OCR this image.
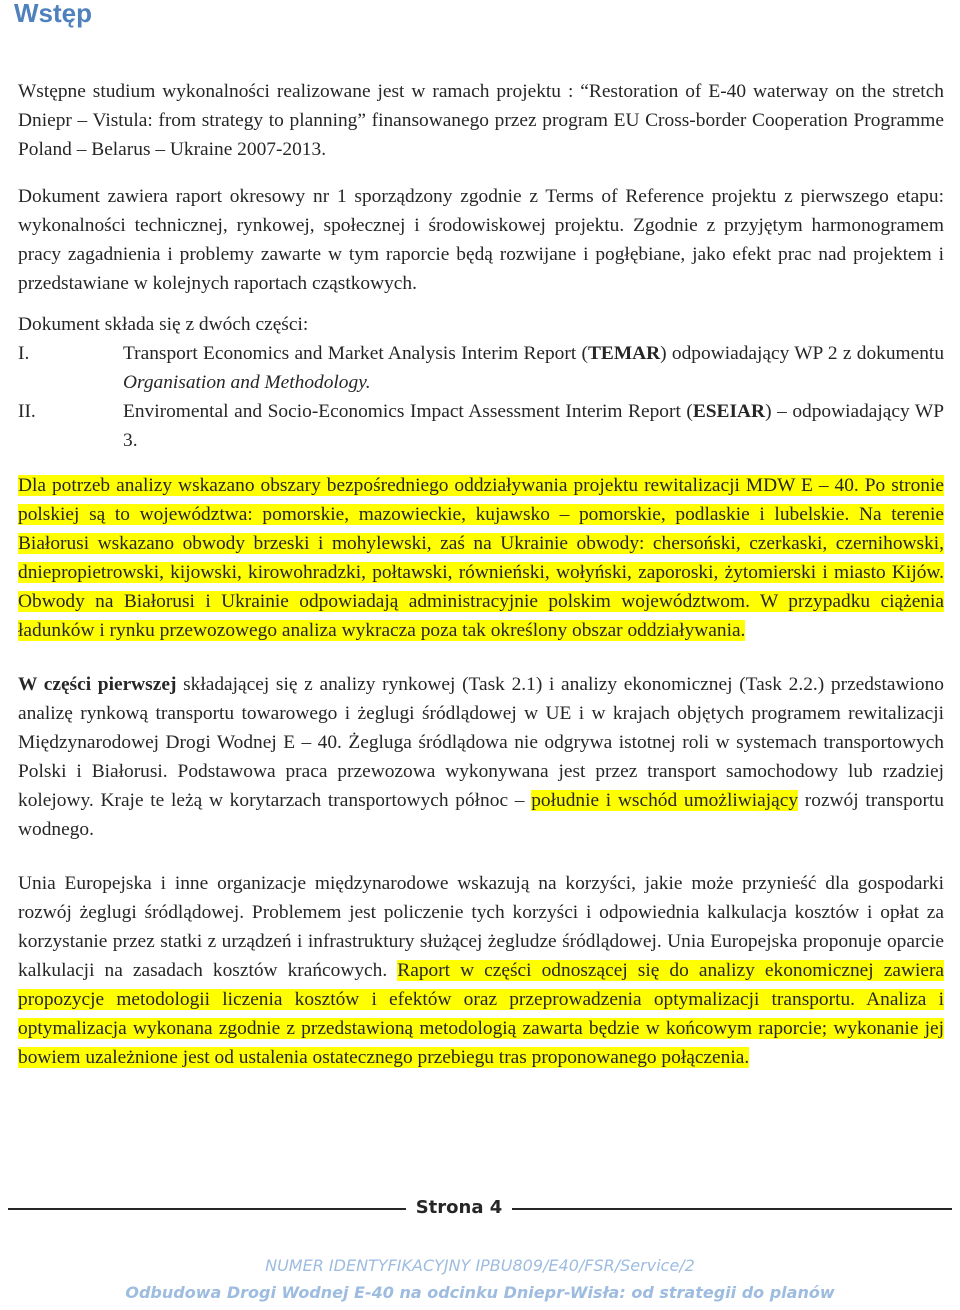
Wstęp

Wstępne studium wykonalności realizowane jest w ramach projektu : “Restoration of E-40 waterway on the stretch Dniepr – Vistula: from strategy to planning” finansowanego przez program EU Cross-border Cooperation Programme Poland – Belarus – Ukraine 2007-2013.

Dokument zawiera raport okresowy nr 1 sporządzony zgodnie z Terms of Reference projektu z pierwszego etapu: wykonalności technicznej, rynkowej, społecznej i środowiskowej projektu. Zgodnie z przyjętym harmonogramem pracy zagadnienia i problemy zawarte w tym raporcie będą rozwijane i pogłębiane, jako efekt prac nad projektem i przedstawiane w kolejnych raportach cząstkowych.

Dokument składa się z dwóch części:

I.	Transport Economics and Market Analysis Interim Report (TEMAR) odpowiadający WP 2 z dokumentu Organisation and Methodology.

II.	Enviromental and Socio-Economics Impact Assessment Interim Report (ESEIAR) – odpowiadający WP 3.

Dla potrzeb analizy wskazano obszary bezpośredniego oddziaływania projektu rewitalizacji MDW E – 40. Po stronie polskiej są to województwa: pomorskie, mazowieckie, kujawsko – pomorskie, podlaskie i lubelskie. Na terenie Białorusi wskazano obwody brzeski i mohylewski, zaś na Ukrainie obwody: chersoński, czerkaski, czernihowski, dniepropietrowski, kijowski, kirowohradzki, połtawski, równieński, wołyński, zaporoski, żytomierski i miasto Kijów. Obwody na Białorusi i Ukrainie odpowiadają administracyjnie polskim województwom. W przypadku ciążenia ładunków i rynku przewozowego analiza wykracza poza tak określony obszar oddziaływania.

W części pierwszej składającej się z analizy rynkowej (Task 2.1) i analizy ekonomicznej (Task 2.2.) przedstawiono analizę rynkową transportu towarowego i żeglugi śródlądowej w UE i w krajach objętych programem rewitalizacji Międzynarodowej Drogi Wodnej E – 40. Żegluga śródlądowa nie odgrywa istotnej roli w systemach transportowych Polski i Białorusi. Podstawowa praca przewozowa wykonywana jest przez transport samochodowy lub rzadziej kolejowy. Kraje te leżą w korytarzach transportowych północ – południe i wschód umożliwiający rozwój transportu wodnego.

Unia Europejska i inne organizacje międzynarodowe wskazują na korzyści, jakie może przynieść dla gospodarki rozwój żeglugi śródlądowej. Problemem jest policzenie tych korzyści i odpowiednia kalkulacja kosztów i opłat za korzystanie przez statki z urządzeń i infrastruktury służącej żegludze śródlądowej. Unia Europejska proponuje oparcie kalkulacji na zasadach kosztów krańcowych. Raport w części odnoszącej się do analizy ekonomicznej zawiera propozycje metodologii liczenia kosztów i efektów oraz przeprowadzenia optymalizacji transportu. Analiza i optymalizacja wykonana zgodnie z przedstawioną metodologią zawarta będzie w końcowym raporcie; wykonanie jej bowiem uzależnione jest od ustalenia ostatecznego przebiegu tras proponowanego połączenia.

Strona 4
NUMER IDENTYFIKACYJNY IPBU809/E40/FSR/Service/2
Odbudowa Drogi Wodnej E-40 na odcinku Dniepr-Wisła: od strategii do planów
